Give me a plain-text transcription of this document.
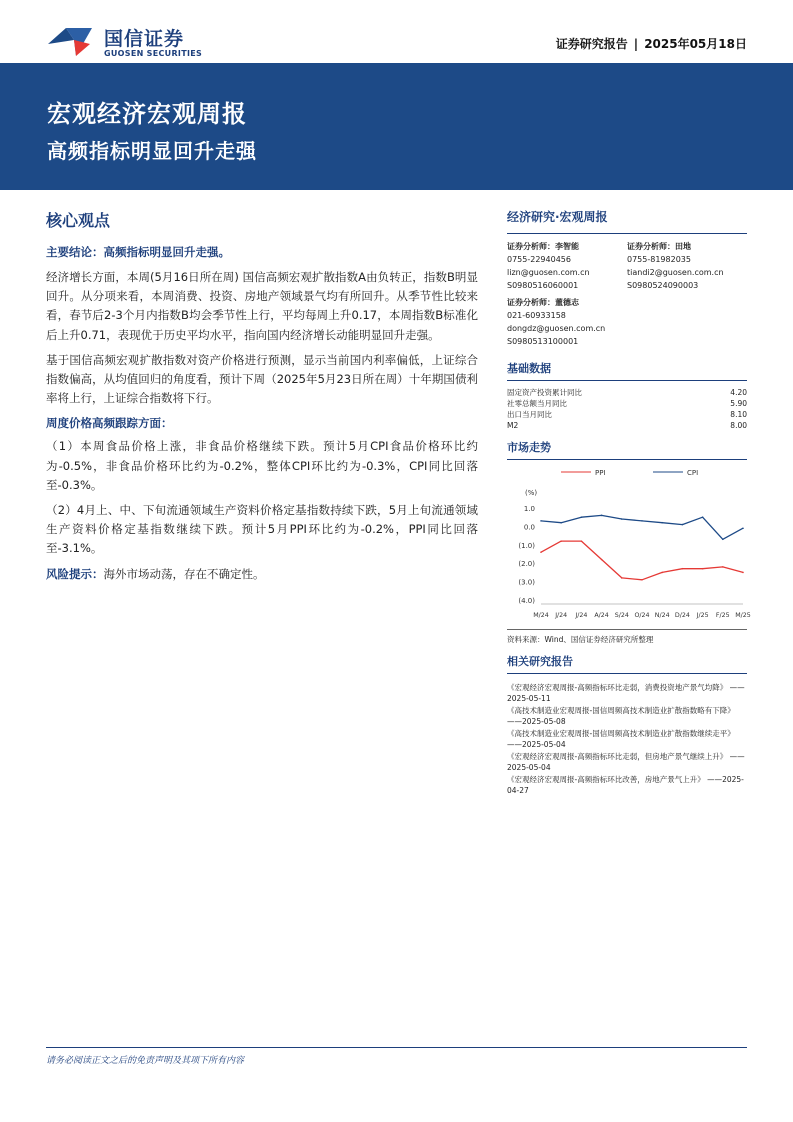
国信证券
GUOSEN SECURITIES
证券研究报告 | 2025年05月18日
宏观经济宏观周报
高频指标明显回升走强
核心观点
主要结论：高频指标明显回升走强。

经济增长方面，本周(5月16日所在周) 国信高频宏观扩散指数A由负转正，指数B明显回升。从分项来看，本周消费、投资、房地产领域景气均有所回升。从季节性比较来看，春节后2-3个月内指数B均会季节性上行，平均每周上升0.17，本周指数B标准化后上升0.71，表现优于历史平均水平，指向国内经济增长动能明显回升走强。

基于国信高频宏观扩散指数对资产价格进行预测，显示当前国内利率偏低，上证综合指数偏高，从均值回归的角度看，预计下周（2025年5月23日所在周）十年期国债利率将上行，上证综合指数将下行。

周度价格高频跟踪方面：

（1）本周食品价格上涨，非食品价格继续下跌。预计5月CPI食品价格环比约为-0.5%，非食品价格环比约为-0.2%，整体CPI环比约为-0.3%，CPI同比回落至-0.3%。

（2）4月上、中、下旬流通领域生产资料价格定基指数持续下跌，5月上旬流通领域生产资料价格定基指数继续下跌。预计5月PPI环比约为-0.2%，PPI同比回落至-3.1%。

风险提示：海外市场动荡，存在不确定性。
经济研究·宏观周报
证券分析师：李智能
0755-22940456
lizn@guosen.com.cn
S0980516060001
证券分析师：田地
0755-81982035
tiandi2@guosen.com.cn
S0980524090003
证券分析师：董德志
021-60933158
dongdz@guosen.com.cn
S0980513100001
基础数据
固定资产投资累计同比	4.20
社零总额当月同比	5.90
出口当月同比	8.10
M2	8.00
市场走势
PPI	CPI
(%)
1.0
0.0
(1.0)
(2.0)
(3.0)
(4.0)
M/24 J/24 J/24 A/24 S/24 O/24 N/24 D/24 J/25 F/25 M/25
资料来源：Wind、国信证券经济研究所整理
相关研究报告
《宏观经济宏观周报-高频指标环比走弱，消费投资地产景气均降》 ——2025-05-11
《高技术制造业宏观周报-国信周频高技术制造业扩散指数略有下降》 ——2025-05-08
《高技术制造业宏观周报-国信周频高技术制造业扩散指数继续走平》 ——2025-05-04
《宏观经济宏观周报-高频指标环比走弱，但房地产景气继续上升》 ——2025-05-04
《宏观经济宏观周报-高频指标环比改善，房地产景气上升》 ——2025-04-27
请务必阅读正文之后的免责声明及其项下所有内容
